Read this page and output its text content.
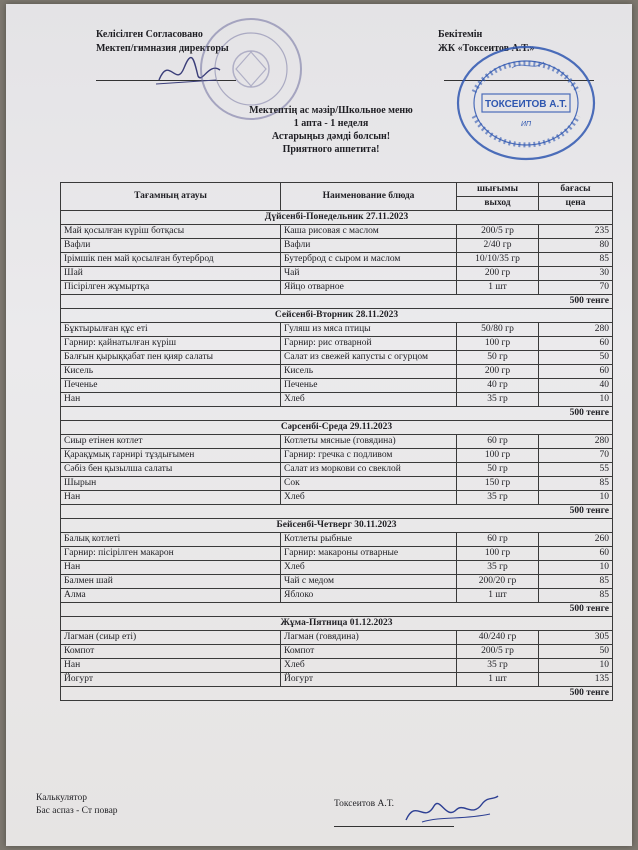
Келісілген Согласовано
Мектеп/гимназия директоры
Бекітемін
ЖК «Токсеитов А.Т.»
ТОКСЕИТОВ А.Т.
ИП
Мектептің ас мәзір/Школьное меню
1 апта - 1 неделя
Астарыңыз дәмді болсын!
Приятного аппетита!
Тағамның атауы	Наименование блюда	шығымы	бағасы
		выход	цена
Дүйсенбі-Понедельник 27.11.2023			
Май қосылған күріш ботқасы	Каша рисовая с маслом	200/5 гр	235
Вафли	Вафли	2/40 гр	80
Ірімшік пен май қосылған бутерброд	Бутерброд с сыром и маслом	10/10/35 гр	85
Шай	Чай	200 гр	30
Пісірілген жұмыртқа	Яйцо отварное	1 шт	70
500 тенге			
Сейсенбі-Вторник 28.11.2023			
Бұктырылған құс еті	Гуляш из мяса птицы	50/80 гр	280
Гарнир: қайнатылған күріш	Гарнир: рис отварной	100 гр	60
Балғын қырыққабат пен қияр салаты	Салат из свежей капусты с огурцом	50 гр	50
Кисель	Кисель	200 гр	60
Печенье	Печенье	40 гр	40
Нан	Хлеб	35 гр	10
500 тенге			
Сәрсенбі-Среда 29.11.2023			
Сиыр етінен котлет	Котлеты мясные (говядина)	60 гр	280
Қарақұмық гарнирі тұздығымен	Гарнир: гречка с подливом	100 гр	70
Сәбіз бен қызылша салаты	Салат из моркови со свеклой	50 гр	55
Шырын	Сок	150 гр	85
Нан	Хлеб	35 гр	10
500 тенге			
Бейсенбі-Четверг 30.11.2023			
Балық котлеті	Котлеты рыбные	60 гр	260
Гарнир: пісірілген макарон	Гарнир: макароны отварные	100 гр	60
Нан	Хлеб	35 гр	10
Балмен шай	Чай с медом	200/20 гр	85
Алма	Яблоко	1 шт	85
500 тенге			
Жұма-Пятница 01.12.2023			
Лагман (сиыр еті)	Лагман (говядина)	40/240 гр	305
Компот	Компот	200/5 гр	50
Нан	Хлеб	35 гр	10
Йогурт	Йогурт	1 шт	135
500 тенге			
Калькулятор
Бас аспаз - Ст повар
Токсеитов А.Т.
